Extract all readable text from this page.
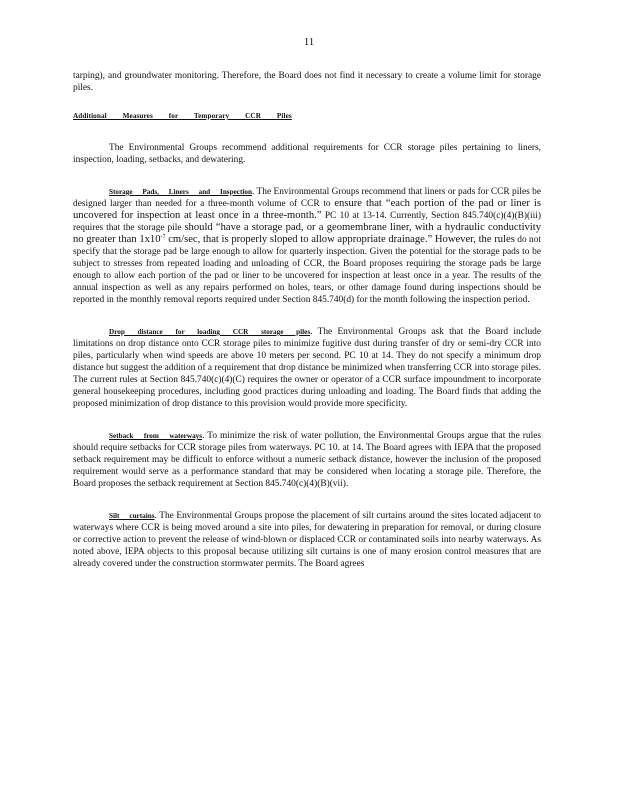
11

tarping), and groundwater monitoring. Therefore, the Board does not find it necessary to create a volume limit for storage piles.

Additional Measures for Temporary CCR Piles

The Environmental Groups recommend additional requirements for CCR storage piles pertaining to liners, inspection, loading, setbacks, and dewatering.

Storage Pads, Liners and Inspection. The Environmental Groups recommend that liners or pads for CCR piles be designed larger than needed for a three-month volume of CCR to ensure that “each portion of the pad or liner is uncovered for inspection at least once in a three-month.” PC 10 at 13-14. Currently, Section 845.740(c)(4)(B)(iii) requires that the storage pile should “have a storage pad, or a geomembrane liner, with a hydraulic conductivity no greater than $1x10^{-7}$ cm/sec, that is properly sloped to allow appropriate drainage.” However, the rules do not specify that the storage pad be large enough to allow for quarterly inspection. Given the potential for the storage pads to be subject to stresses from repeated loading and unloading of CCR, the Board proposes requiring the storage pads be large enough to allow each portion of the pad or liner to be uncovered for inspection at least once in a year. The results of the annual inspection as well as any repairs performed on holes, tears, or other damage found during inspections should be reported in the monthly removal reports required under Section 845.740(d) for the month following the inspection period.

Drop distance for loading CCR storage piles. The Environmental Groups ask that the Board include limitations on drop distance onto CCR storage piles to minimize fugitive dust during transfer of dry or semi-dry CCR into piles, particularly when wind speeds are above 10 meters per second. PC 10 at 14. They do not specify a minimum drop distance but suggest the addition of a requirement that drop distance be minimized when transferring CCR into storage piles. The current rules at Section 845.740(c)(4)(C) requires the owner or operator of a CCR surface impoundment to incorporate general housekeeping procedures, including good practices during unloading and loading. The Board finds that adding the proposed minimization of drop distance to this provision would provide more specificity.

Setback from waterways. To minimize the risk of water pollution, the Environmental Groups argue that the rules should require setbacks for CCR storage piles from waterways. PC 10. at 14. The Board agrees with IEPA that the proposed setback requirement may be difficult to enforce without a numeric setback distance, however the inclusion of the proposed requirement would serve as a performance standard that may be considered when locating a storage pile. Therefore, the Board proposes the setback requirement at Section 845.740(c)(4)(B)(vii).

Silt curtains. The Environmental Groups propose the placement of silt curtains around the sites located adjacent to waterways where CCR is being moved around a site into piles, for dewatering in preparation for removal, or during closure or corrective action to prevent the release of wind-blown or displaced CCR or contaminated soils into nearby waterways. As noted above, IEPA objects to this proposal because utilizing silt curtains is one of many erosion control measures that are already covered under the construction stormwater permits. The Board agrees
